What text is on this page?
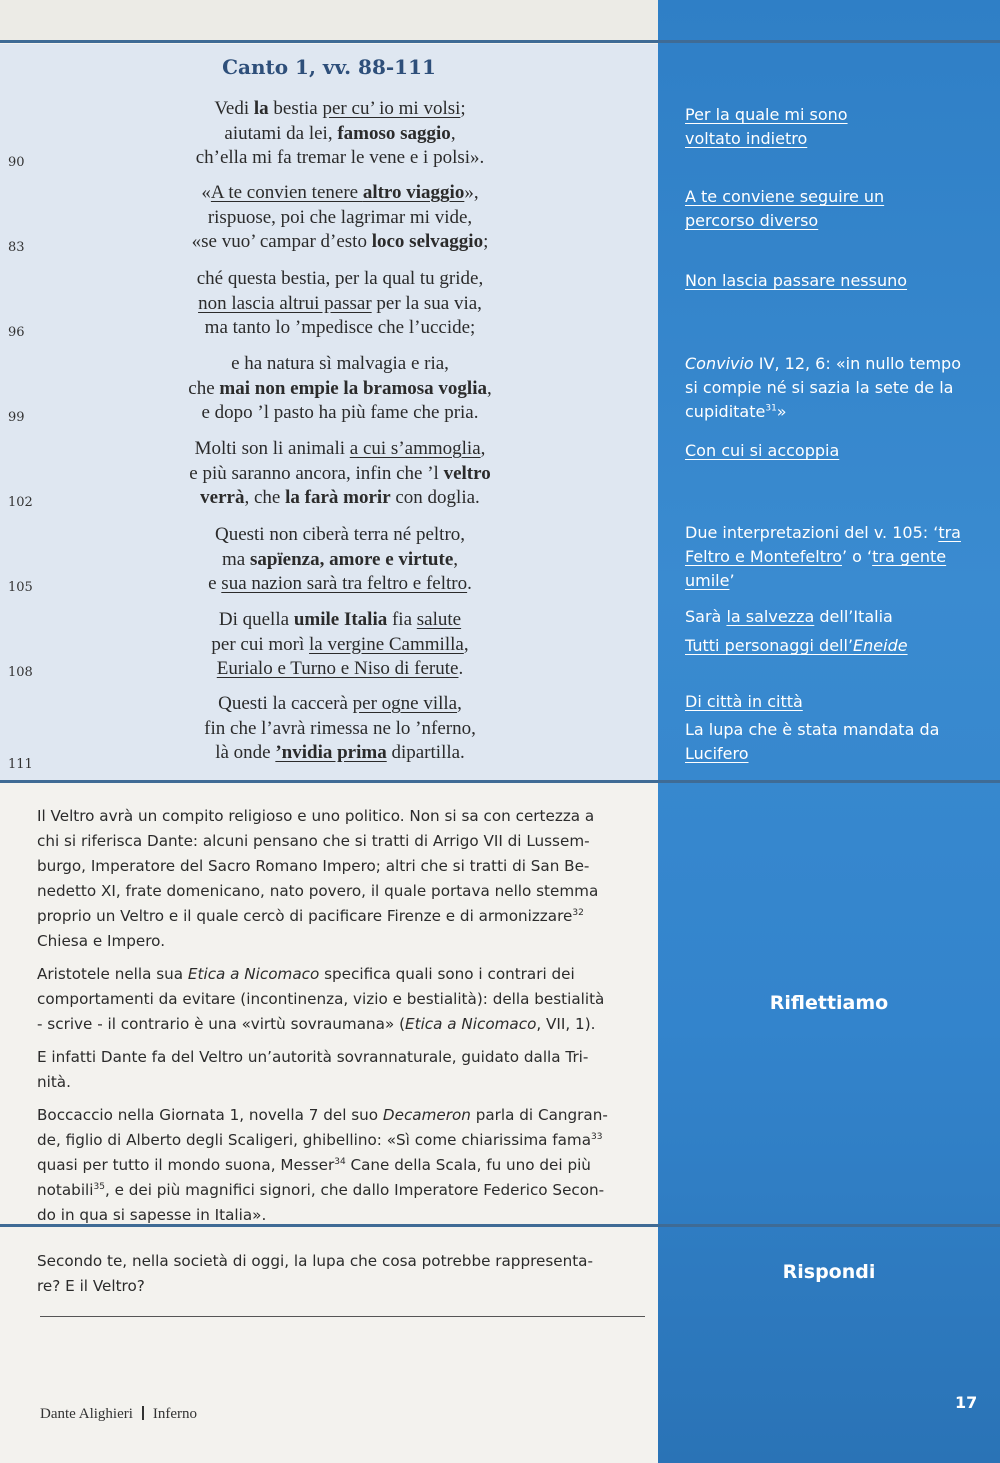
Canto 1, vv. 88-111
Vedi la bestia per cu’ io mi volsi;
aiutami da lei, famoso saggio,
ch’ella mi fa tremar le vene e i polsi».
90
«A te convien tenere altro viaggio»,
rispuose, poi che lagrimar mi vide,
«se vuo’ campar d’esto loco selvaggio;
83
ché questa bestia, per la qual tu gride,
non lascia altrui passar per la sua via,
ma tanto lo ’mpedisce che l’uccide;
96
e ha natura sì malvagia e ria,
che mai non empie la bramosa voglia,
e dopo ’l pasto ha più fame che pria.
99
Molti son li animali a cui s’ammoglia,
e più saranno ancora, infin che ’l veltro
verrà, che la farà morir con doglia.
102
Questi non ciberà terra né peltro,
ma sapïenza, amore e virtute,
e sua nazion sarà tra feltro e feltro.
105
Di quella umile Italia fia salute
per cui morì la vergine Cammilla,
Eurialo e Turno e Niso di ferute.
108
Questi la caccerà per ogne villa,
fin che l’avrà rimessa ne lo ’nferno,
là onde ’nvidia prima dipartilla.
111
Per la quale mi sono
voltato indietro
A te conviene seguire un
percorso diverso
Non lascia passare nessuno
Convivio IV, 12, 6: «in nullo tempo
si compie né si sazia la sete de la
cupiditate$^{31}$»
Con cui si accoppia
Due interpretazioni del v. 105: ‘tra
Feltro e Montefeltro’ o ‘tra gente
umile’
Sarà la salvezza dell’Italia
Tutti personaggi dell’Eneide
Di città in città
La lupa che è stata mandata da
Lucifero

Il Veltro avrà un compito religioso e uno politico. Non si sa con certezza a
chi si riferisca Dante: alcuni pensano che si tratti di Arrigo VII di Lussem-
burgo, Imperatore del Sacro Romano Impero; altri che si tratti di San Be-
nedetto XI, frate domenicano, nato povero, il quale portava nello stemma
proprio un Veltro e il quale cercò di pacificare Firenze e di armonizzare$^{32}$
Chiesa e Impero.

Aristotele nella sua Etica a Nicomaco specifica quali sono i contrari dei
comportamenti da evitare (incontinenza, vizio e bestialità): della bestialità
- scrive - il contrario è una «virtù sovraumana» (Etica a Nicomaco, VII, 1).

E infatti Dante fa del Veltro un’autorità sovrannaturale, guidato dalla Tri-
nità.

Boccaccio nella Giornata 1, novella 7 del suo Decameron parla di Cangran-
de, figlio di Alberto degli Scaligeri, ghibellino: «Sì come chiarissima fama$^{33}$
quasi per tutto il mondo suona, Messer$^{34}$ Cane della Scala, fu uno dei più
notabili$^{35}$, e dei più magnifici signori, che dallo Imperatore Federico Secon-
do in qua si sapesse in Italia».

Riflettiamo
Secondo te, nella società di oggi, la lupa che cosa potrebbe rappresenta-
re? E il Veltro?
Rispondi
Dante Alighieri Inferno
17
